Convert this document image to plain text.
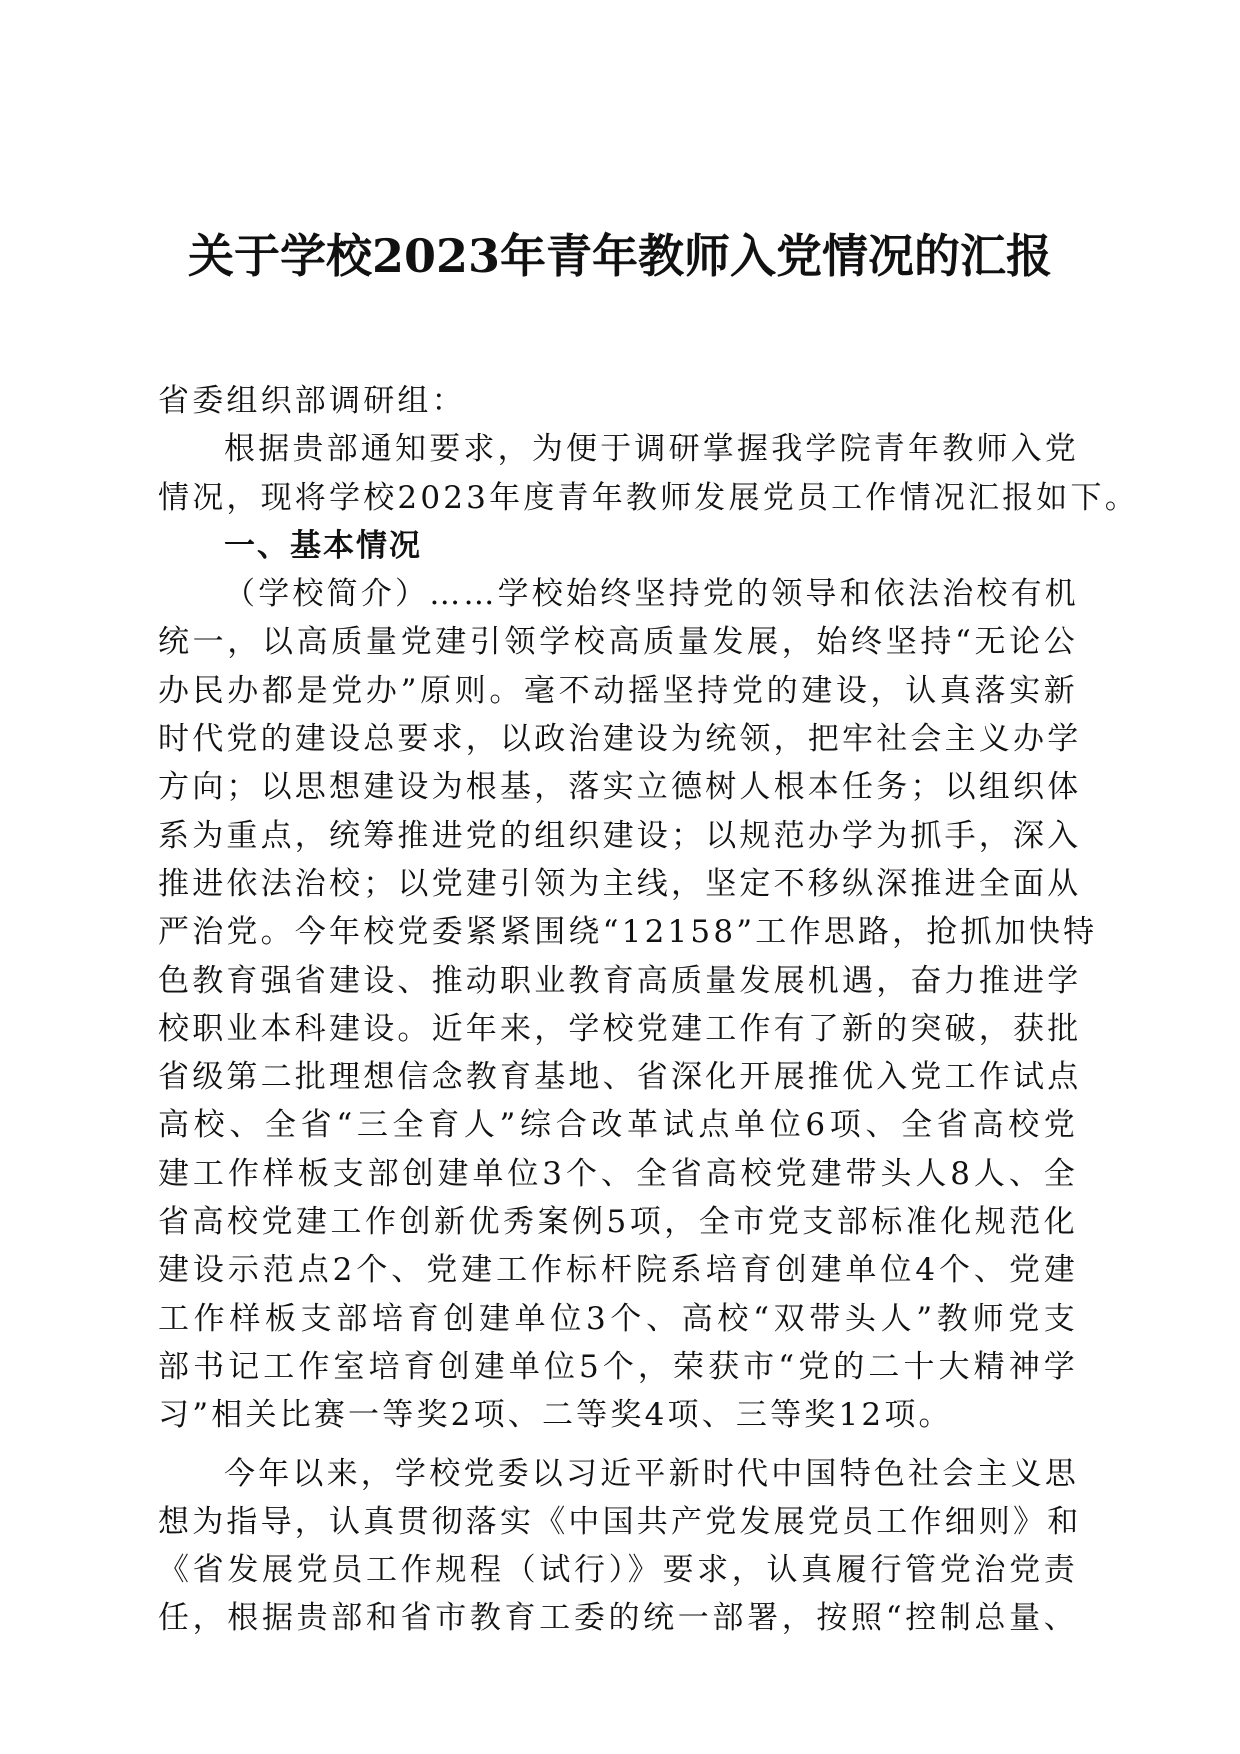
关于学校2023年青年教师入党情况的汇报
省委组织部调研组：
根据贵部通知要求，为便于调研掌握我学院青年教师入党
情况，现将学校2023年度青年教师发展党员工作情况汇报如下。
一、基本情况
（学校简介）……学校始终坚持党的领导和依法治校有机
统一，以高质量党建引领学校高质量发展，始终坚持“无论公
办民办都是党办”原则。毫不动摇坚持党的建设，认真落实新
时代党的建设总要求，以政治建设为统领，把牢社会主义办学
方向；以思想建设为根基，落实立德树人根本任务；以组织体
系为重点，统筹推进党的组织建设；以规范办学为抓手，深入
推进依法治校；以党建引领为主线，坚定不移纵深推进全面从
严治党。今年校党委紧紧围绕“12158”工作思路，抢抓加快特
色教育强省建设、推动职业教育高质量发展机遇，奋力推进学
校职业本科建设。近年来，学校党建工作有了新的突破，获批
省级第二批理想信念教育基地、省深化开展推优入党工作试点
高校、全省“三全育人”综合改革试点单位6项、全省高校党
建工作样板支部创建单位3个、全省高校党建带头人8人、全
省高校党建工作创新优秀案例5项，全市党支部标准化规范化
建设示范点2个、党建工作标杆院系培育创建单位4个、党建
工作样板支部培育创建单位3个、高校“双带头人”教师党支
部书记工作室培育创建单位5个，荣获市“党的二十大精神学
习”相关比赛一等奖2项、二等奖4项、三等奖12项。
今年以来，学校党委以习近平新时代中国特色社会主义思
想为指导，认真贯彻落实《中国共产党发展党员工作细则》和
《省发展党员工作规程（试行）》要求，认真履行管党治党责
任，根据贵部和省市教育工委的统一部署，按照“控制总量、
